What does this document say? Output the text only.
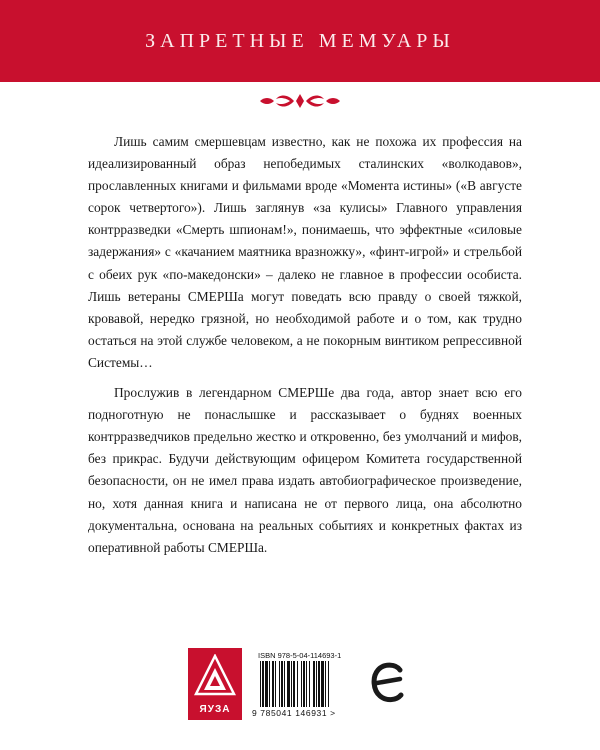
ЗАПРЕТНЫЕ МЕМУАРЫ

Лишь самим смершевцам известно, как не похожа их профессия на идеализированный образ непобедимых сталинских «волкодавов», прославленных книгами и фильмами вроде «Момента истины» («В августе сорок четвертого»). Лишь заглянув «за кулисы» Главного управления контрразведки «Смерть шпионам!», понимаешь, что эффектные «силовые задержания» с «качанием маятника вразножку», «финт-игрой» и стрельбой с обеих рук «по-македонски» – далеко не главное в профессии особиста. Лишь ветераны СМЕРШа могут поведать всю правду о своей тяжкой, кровавой, нередко грязной, но необходимой работе и о том, как трудно остаться на этой службе человеком, а не покорным винтиком репрессивной Системы…

Прослужив в легендарном СМЕРШе два года, автор знает всю его подноготную не понаслышке и рассказывает о буднях военных контрразведчиков предельно жестко и откровенно, без умолчаний и мифов, без прикрас. Будучи действующим офицером Комитета государственной безопасности, он не имел права издать автобиографическое произведение, но, хотя данная книга и написана не от первого лица, она абсолютно документальна, основана на реальных событиях и конкретных фактах из оперативной работы СМЕРШа.

ЯУЗА
ISBN 978-5-04-114693-1
9 785041 146931 >
